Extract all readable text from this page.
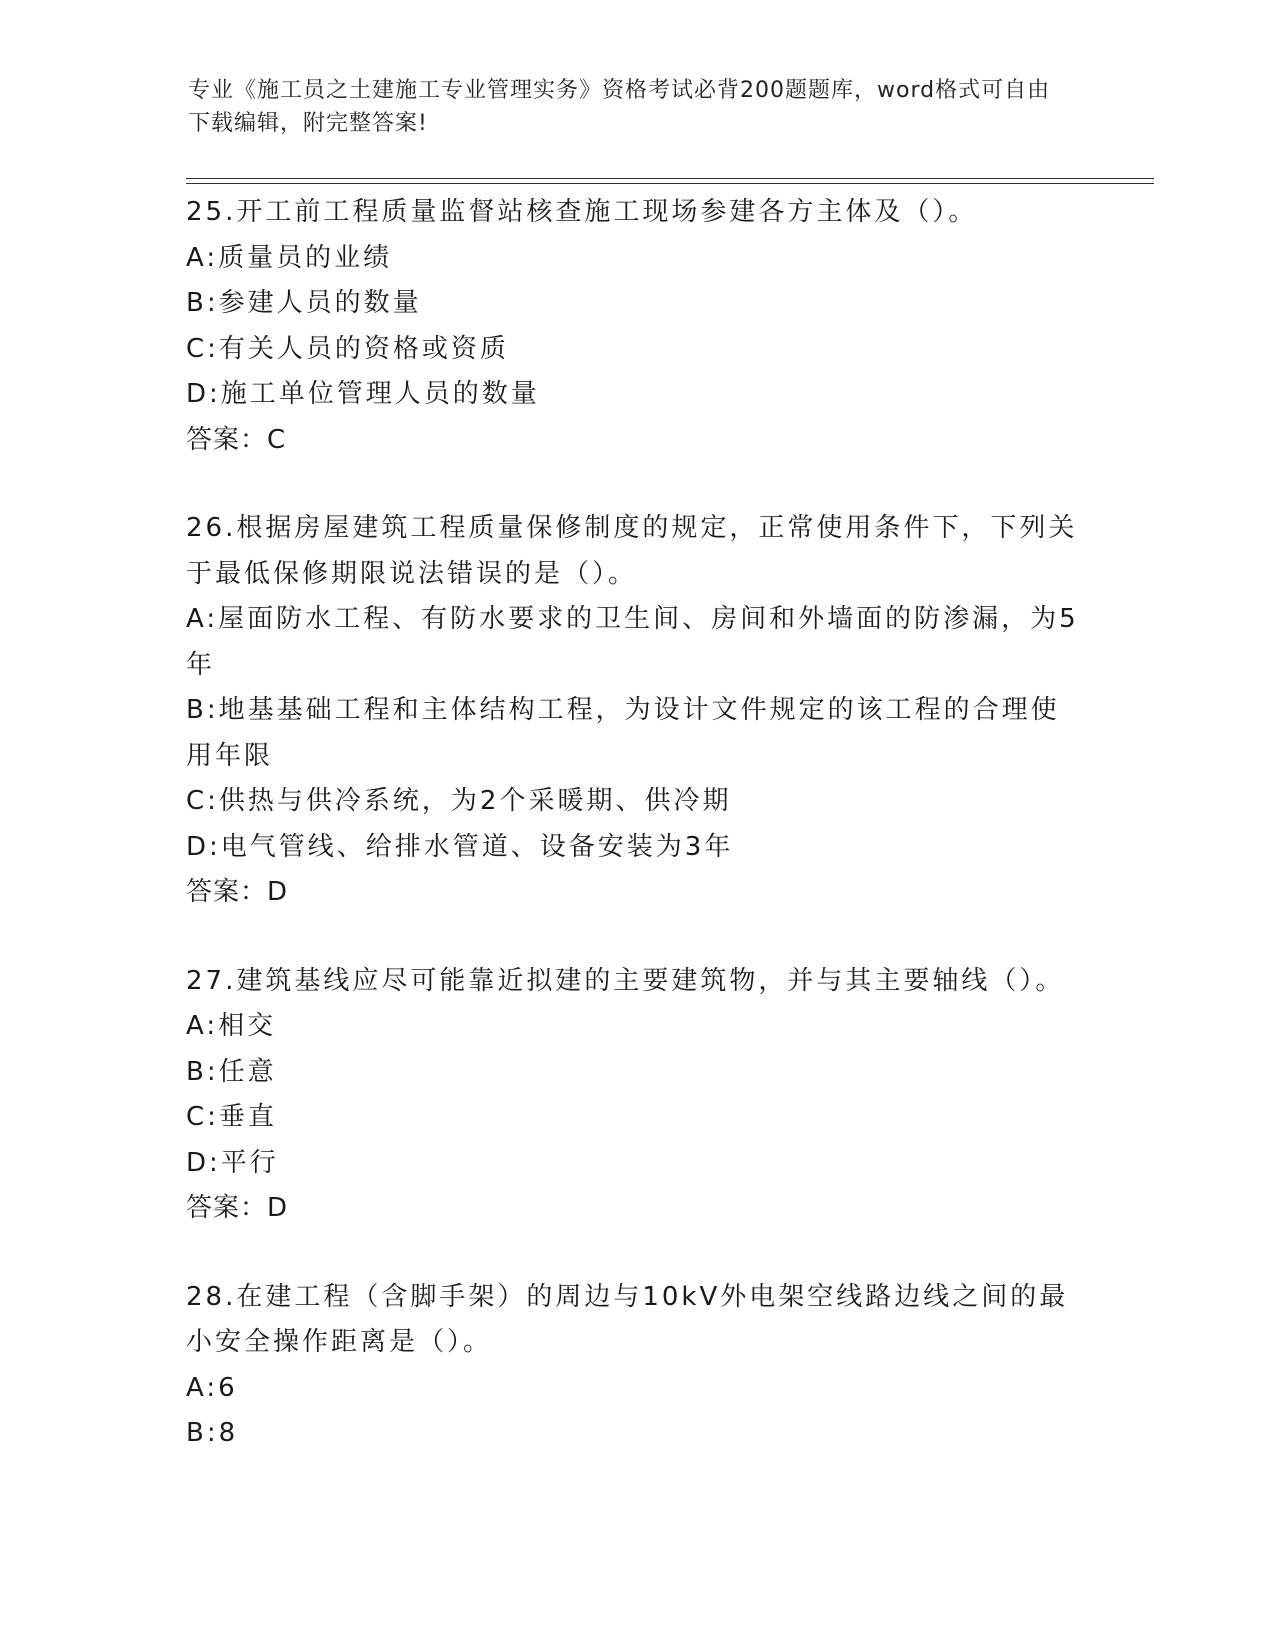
专业《施工员之土建施工专业管理实务》资格考试必背200题题库，word格式可自由下载编辑，附完整答案!
25.开工前工程质量监督站核查施工现场参建各方主体及（）。
A:质量员的业绩
B:参建人员的数量
C:有关人员的资格或资质
D:施工单位管理人员的数量
答案：C
26.根据房屋建筑工程质量保修制度的规定，正常使用条件下，下列关于最低保修期限说法错误的是（）。
A:屋面防水工程、有防水要求的卫生间、房间和外墙面的防渗漏，为5年
B:地基基础工程和主体结构工程，为设计文件规定的该工程的合理使用年限
C:供热与供冷系统，为2个采暖期、供冷期
D:电气管线、给排水管道、设备安装为3年
答案：D
27.建筑基线应尽可能靠近拟建的主要建筑物，并与其主要轴线（）。
A:相交
B:任意
C:垂直
D:平行
答案：D
28.在建工程（含脚手架）的周边与10kV外电架空线路边线之间的最小安全操作距离是（）。
A:6
B:8
